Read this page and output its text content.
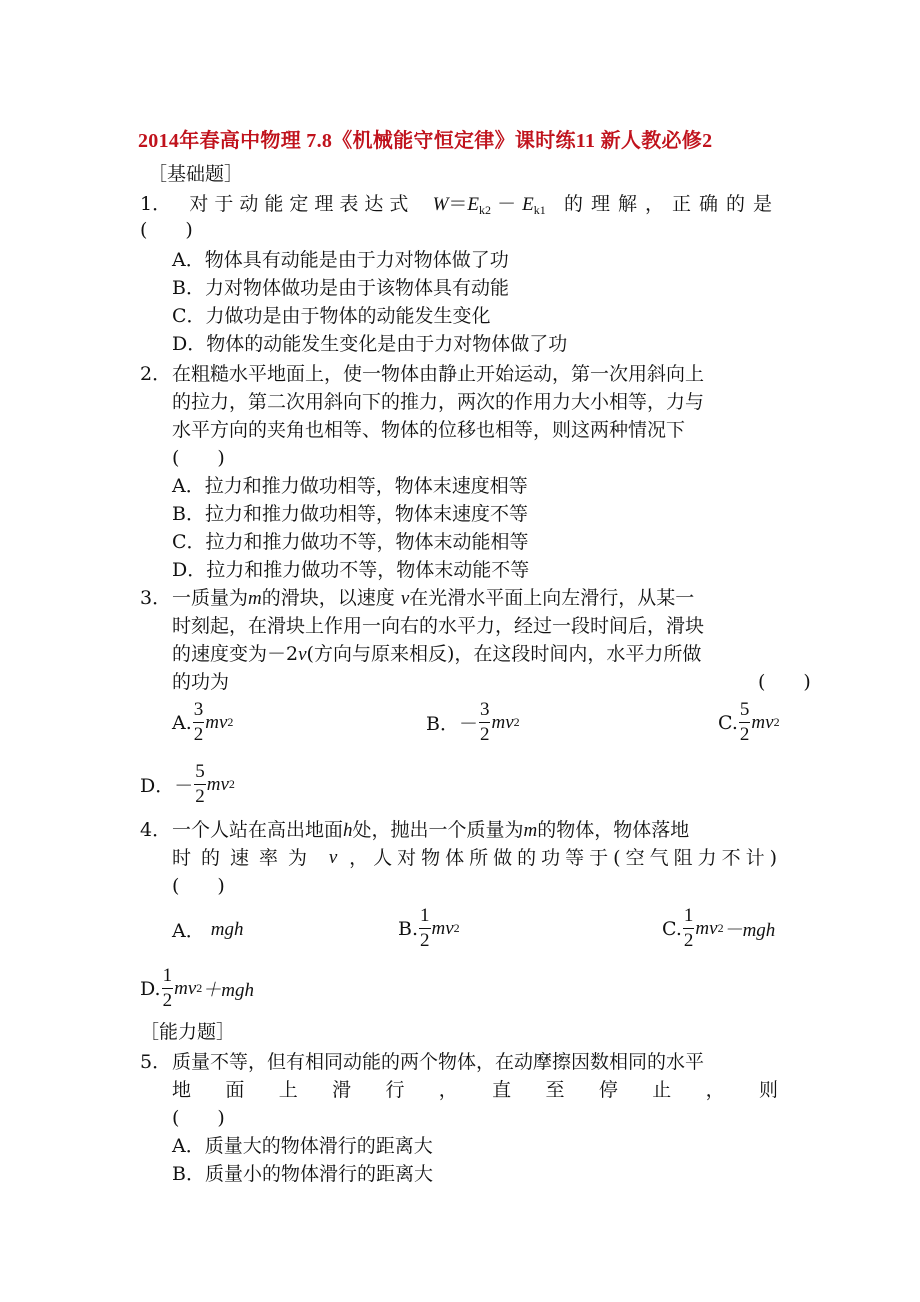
2014年春高中物理 7.8《机械能守恒定律》课时练11 新人教必修2
［基础题］
1． 对于动能定理表达式 $W=E_{k2} - E_{k1}$ 的理解，正确的是
(　　)
A．物体具有动能是由于力对物体做了功
B．力对物体做功是由于该物体具有动能
C．力做功是由于物体的动能发生变化
D．物体的动能发生变化是由于力对物体做了功
2． 在粗糙水平地面上，使一物体由静止开始运动，第一次用斜向上
的拉力，第二次用斜向下的推力，两次的作用力大小相等，力与
水平方向的夹角也相等、物体的位移也相等，则这两种情况下
(　　)
A．拉力和推力做功相等，物体末速度相等
B．拉力和推力做功相等，物体末速度不等
C．拉力和推力做功不等，物体末动能相等
D．拉力和推力做功不等，物体末动能不等
3． 一质量为m的滑块，以速度 v在光滑水平面上向左滑行，从某一
时刻起，在滑块上作用一向右的水平力，经过一段时间后，滑块
的速度变为－2v(方向与原来相反)，在这段时间内，水平力所做
的功为	(　　)
A. $\frac{3}{2}$ mv 2	B．－ $\frac{3}{2}$ mv 2	C. $\frac{5}{2}$ mv 2
D．－ $\frac{5}{2}$ mv 2
4． 一个人站在高出地面h处，抛出一个质量为m的物体，物体落地
时的速率为 v ，人对物体所做的功等于(空气阻力不计)
(　　)
A．
mgh	B. $\frac{1}{2}$ mv 2	C. $\frac{1}{2}$ mv 2 －mgh
D. $\frac{1}{2}$ mv 2 ＋mgh
［能力题］
5． 质量不等，但有相同动能的两个物体，在动摩擦因数相同的水平
地 面 上 滑 行 ， 直 至 停 止 ， 则
(　　)
A．质量大的物体滑行的距离大
B．质量小的物体滑行的距离大
